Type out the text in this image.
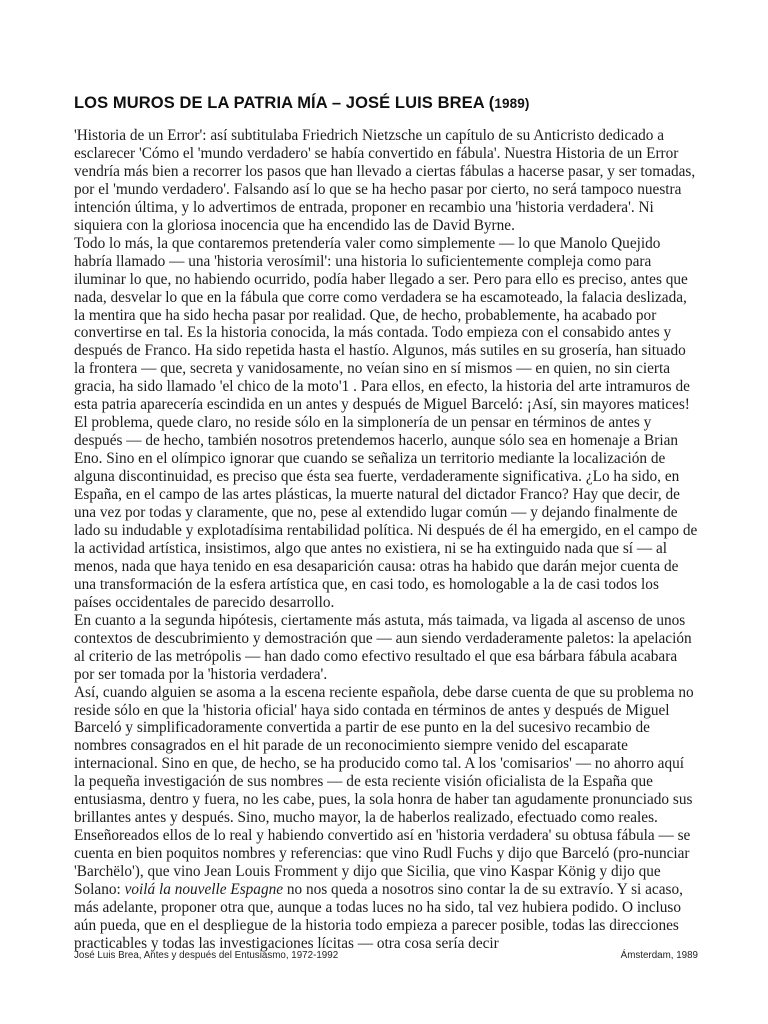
LOS MUROS DE LA PATRIA MÍA – JOSÉ LUIS BREA (1989)

'Historia de un Error': así subtitulaba Friedrich Nietzsche un capítulo de su Anticristo dedicado a esclarecer 'Cómo el 'mundo verdadero' se había convertido en fábula'. Nuestra Historia de un Error vendría más bien a recorrer los pasos que han llevado a ciertas fábulas a hacerse pasar, y ser tomadas, por el 'mundo verdadero'. Falsando así lo que se ha hecho pasar por cierto, no será tampoco nuestra intención última, y lo advertimos de entrada, proponer en recambio una 'historia verdadera'. Ni siquiera con la gloriosa inocencia que ha encendido las de David Byrne.

Todo lo más, la que contaremos pretendería valer como simplemente — lo que Manolo Quejido habría llamado — una 'historia verosímil': una historia lo suficientemente compleja como para iluminar lo que, no habiendo ocurrido, podía haber llegado a ser. Pero para ello es preciso, antes que nada, desvelar lo que en la fábula que corre como verdadera se ha escamoteado, la falacia deslizada, la mentira que ha sido hecha pasar por realidad. Que, de hecho, probablemente, ha acabado por convertirse en tal. Es la historia conocida, la más contada. Todo empieza con el consabido antes y después de Franco. Ha sido repetida hasta el hastío. Algunos, más sutiles en su grosería, han situado la frontera — que, secreta y vanidosamente, no veían sino en sí mismos — en quien, no sin cierta gracia, ha sido llamado 'el chico de la moto'1 . Para ellos, en efecto, la historia del arte intramuros de esta patria aparecería escindida en un antes y después de Miguel Barceló: ¡Así, sin mayores matices!

El problema, quede claro, no reside sólo en la simplonería de un pensar en términos de antes y después — de hecho, también nosotros pretendemos hacerlo, aunque sólo sea en homenaje a Brian Eno. Sino en el olímpico ignorar que cuando se señaliza un territorio mediante la localización de alguna discontinuidad, es preciso que ésta sea fuerte, verdaderamente significativa. ¿Lo ha sido, en España, en el campo de las artes plásticas, la muerte natural del dictador Franco? Hay que decir, de una vez por todas y claramente, que no, pese al extendido lugar común — y dejando finalmente de lado su indudable y explotadísima rentabilidad política. Ni después de él ha emergido, en el campo de la actividad artística, insistimos, algo que antes no existiera, ni se ha extinguido nada que sí — al menos, nada que haya tenido en esa desaparición causa: otras ha habido que darán mejor cuenta de una transformación de la esfera artística que, en casi todo, es homologable a la de casi todos los países occidentales de parecido desarrollo.

En cuanto a la segunda hipótesis, ciertamente más astuta, más taimada, va ligada al ascenso de unos contextos de descubrimiento y demostración que — aun siendo verdaderamente paletos: la apelación al criterio de las metrópolis — han dado como efectivo resultado el que esa bárbara fábula acabara por ser tomada por la 'historia verdadera'.

Así, cuando alguien se asoma a la escena reciente española, debe darse cuenta de que su problema no reside sólo en que la 'historia oficial' haya sido contada en términos de antes y después de Miguel Barceló y simplificadoramente convertida a partir de ese punto en la del sucesivo recambio de nombres consagrados en el hit parade de un reconocimiento siempre venido del escaparate internacional. Sino en que, de hecho, se ha producido como tal. A los 'comisarios' — no ahorro aquí la pequeña investigación de sus nombres — de esta reciente visión oficialista de la España que entusiasma, dentro y fuera, no les cabe, pues, la sola honra de haber tan agudamente pronunciado sus brillantes antes y después. Sino, mucho mayor, la de haberlos realizado, efectuado como reales. Enseñoreados ellos de lo real y habiendo convertido así en 'historia verdadera' su obtusa fábula — se cuenta en bien poquitos nombres y referencias: que vino Rudl Fuchs y dijo que Barceló (pro-nunciar 'Barchëlo'), que vino Jean Louis Fromment y dijo que Sicilia, que vino Kaspar König y dijo que Solano: voilá la nouvelle Espagne no nos queda a nosotros sino contar la de su extravío. Y si acaso, más adelante, proponer otra que, aunque a todas luces no ha sido, tal vez hubiera podido. O incluso aún pueda, que en el despliegue de la historia todo empieza a parecer posible, todas las direcciones practicables y todas las investigaciones lícitas — otra cosa sería decir

José Luis Brea, Antes y después del Entusiasmo, 1972-1992	Ámsterdam, 1989
